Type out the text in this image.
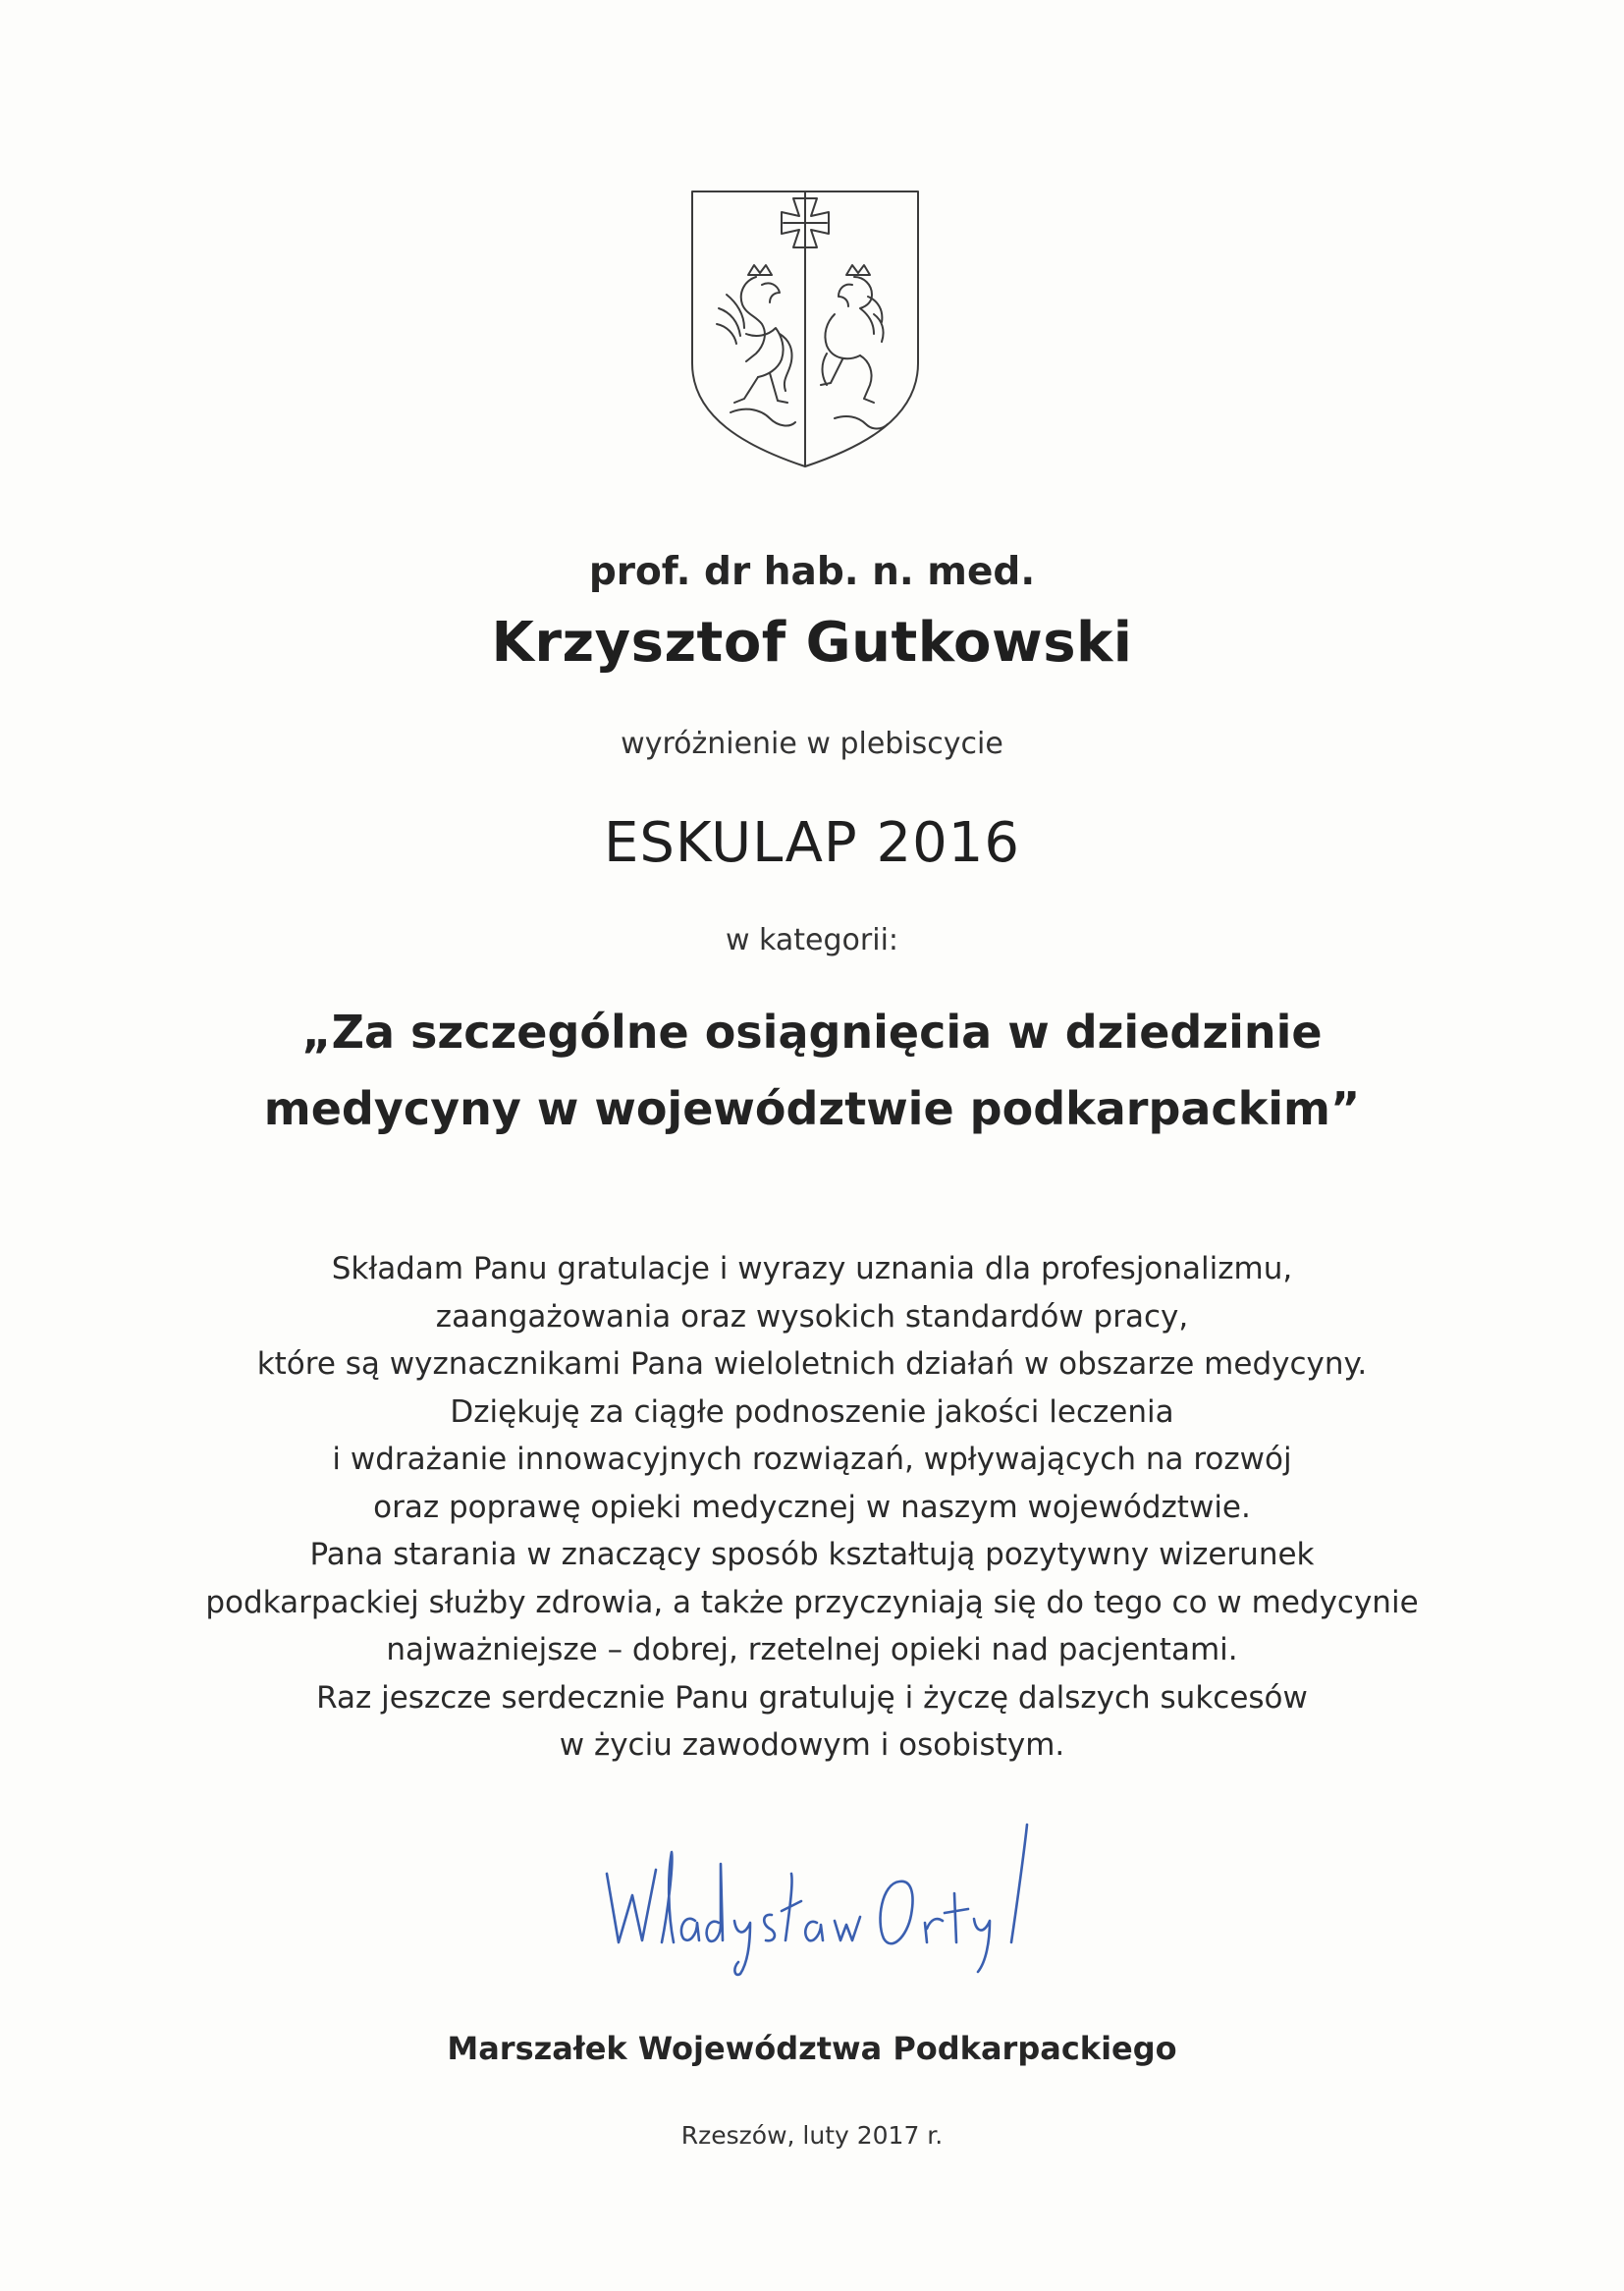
prof. dr hab. n. med.
Krzysztof Gutkowski
wyróżnienie w plebiscycie
ESKULAP 2016
w kategorii:
„Za szczególne osiągnięcia w dziedzinie
medycyny w województwie podkarpackim”
Składam Panu gratulacje i wyrazy uznania dla profesjonalizmu,
zaangażowania oraz wysokich standardów pracy,
które są wyznacznikami Pana wieloletnich działań w obszarze medycyny.
Dziękuję za ciągłe podnoszenie jakości leczenia
i wdrażanie innowacyjnych rozwiązań, wpływających na rozwój
oraz poprawę opieki medycznej w naszym województwie.
Pana starania w znaczący sposób kształtują pozytywny wizerunek
podkarpackiej służby zdrowia, a także przyczyniają się do tego co w medycynie
najważniejsze – dobrej, rzetelnej opieki nad pacjentami.
Raz jeszcze serdecznie Panu gratuluję i życzę dalszych sukcesów
w życiu zawodowym i osobistym.
Marszałek Województwa Podkarpackiego
Rzeszów, luty 2017 r.
